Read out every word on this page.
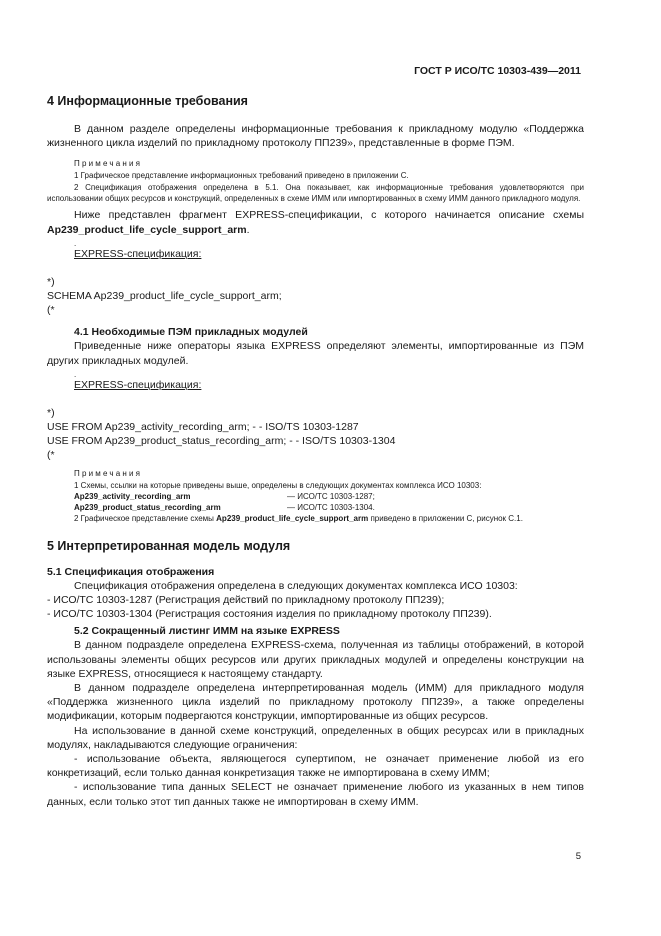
ГОСТ Р ИСО/ТС 10303-439—2011
4 Информационные требования

В данном разделе определены информационные требования к прикладному модулю «Поддержка жизненного цикла изделий по прикладному протоколу ПП239», представленные в форме ПЭМ.

Примечания
1 Графическое представление информационных требований приведено в приложении С.
2 Спецификация отображения определена в 5.1. Она показывает, как информационные требования удовлетворяются при использовании общих ресурсов и конструкций, определенных в схеме ИММ или импортированных в схему ИММ данного прикладного модуля.

Ниже представлен фрагмент EXPRESS-спецификации, с которого начинается описание схемы Ap239_product_life_cycle_support_arm.

.
EXPRESS-спецификация:
*)
SCHEMA Ap239_product_life_cycle_support_arm;
(*
4.1 Необходимые ПЭМ прикладных модулей

Приведенные ниже операторы языка EXPRESS определяют элементы, импортированные из ПЭМ других прикладных модулей.

.
EXPRESS-спецификация:
*)
USE FROM Ap239_activity_recording_arm; - - ISO/TS 10303-1287
USE FROM Ap239_product_status_recording_arm; - - ISO/TS 10303-1304
(*
Примечания
1 Схемы, ссылки на которые приведены выше, определены в следующих документах комплекса ИСО 10303:
Ap239_activity_recording_arm	— ИСО/ТС 10303-1287;
Ap239_product_status_recording_arm	— ИСО/ТС 10303-1304.
2 Графическое представление схемы Ap239_product_life_cycle_support_arm приведено в приложении С, рисунок С.1.
5 Интерпретированная модель модуля
5.1 Спецификация отображения

Спецификация отображения определена в следующих документах комплекса ИСО 10303:

- ИСО/ТС 10303-1287 (Регистрация действий по прикладному протоколу ПП239);

- ИСО/ТС 10303-1304 (Регистрация состояния изделия по прикладному протоколу ПП239).

5.2 Сокращенный листинг ИММ на языке EXPRESS

В данном подразделе определена EXPRESS-схема, полученная из таблицы отображений, в которой использованы элементы общих ресурсов или других прикладных модулей и определены конструкции на языке EXPRESS, относящиеся к настоящему стандарту.

В данном подразделе определена интерпретированная модель (ИММ) для прикладного модуля «Поддержка жизненного цикла изделий по прикладному протоколу ПП239», а также определены модификации, которым подвергаются конструкции, импортированные из общих ресурсов.

На использование в данной схеме конструкций, определенных в общих ресурсах или в прикладных модулях, накладываются следующие ограничения:

- использование объекта, являющегося супертипом, не означает применение любой из его конкретизаций, если только данная конкретизация также не импортирована в схему ИММ;

- использование типа данных SELECT не означает применение любого из указанных в нем типов данных, если только этот тип данных также не импортирован в схему ИММ.

5
